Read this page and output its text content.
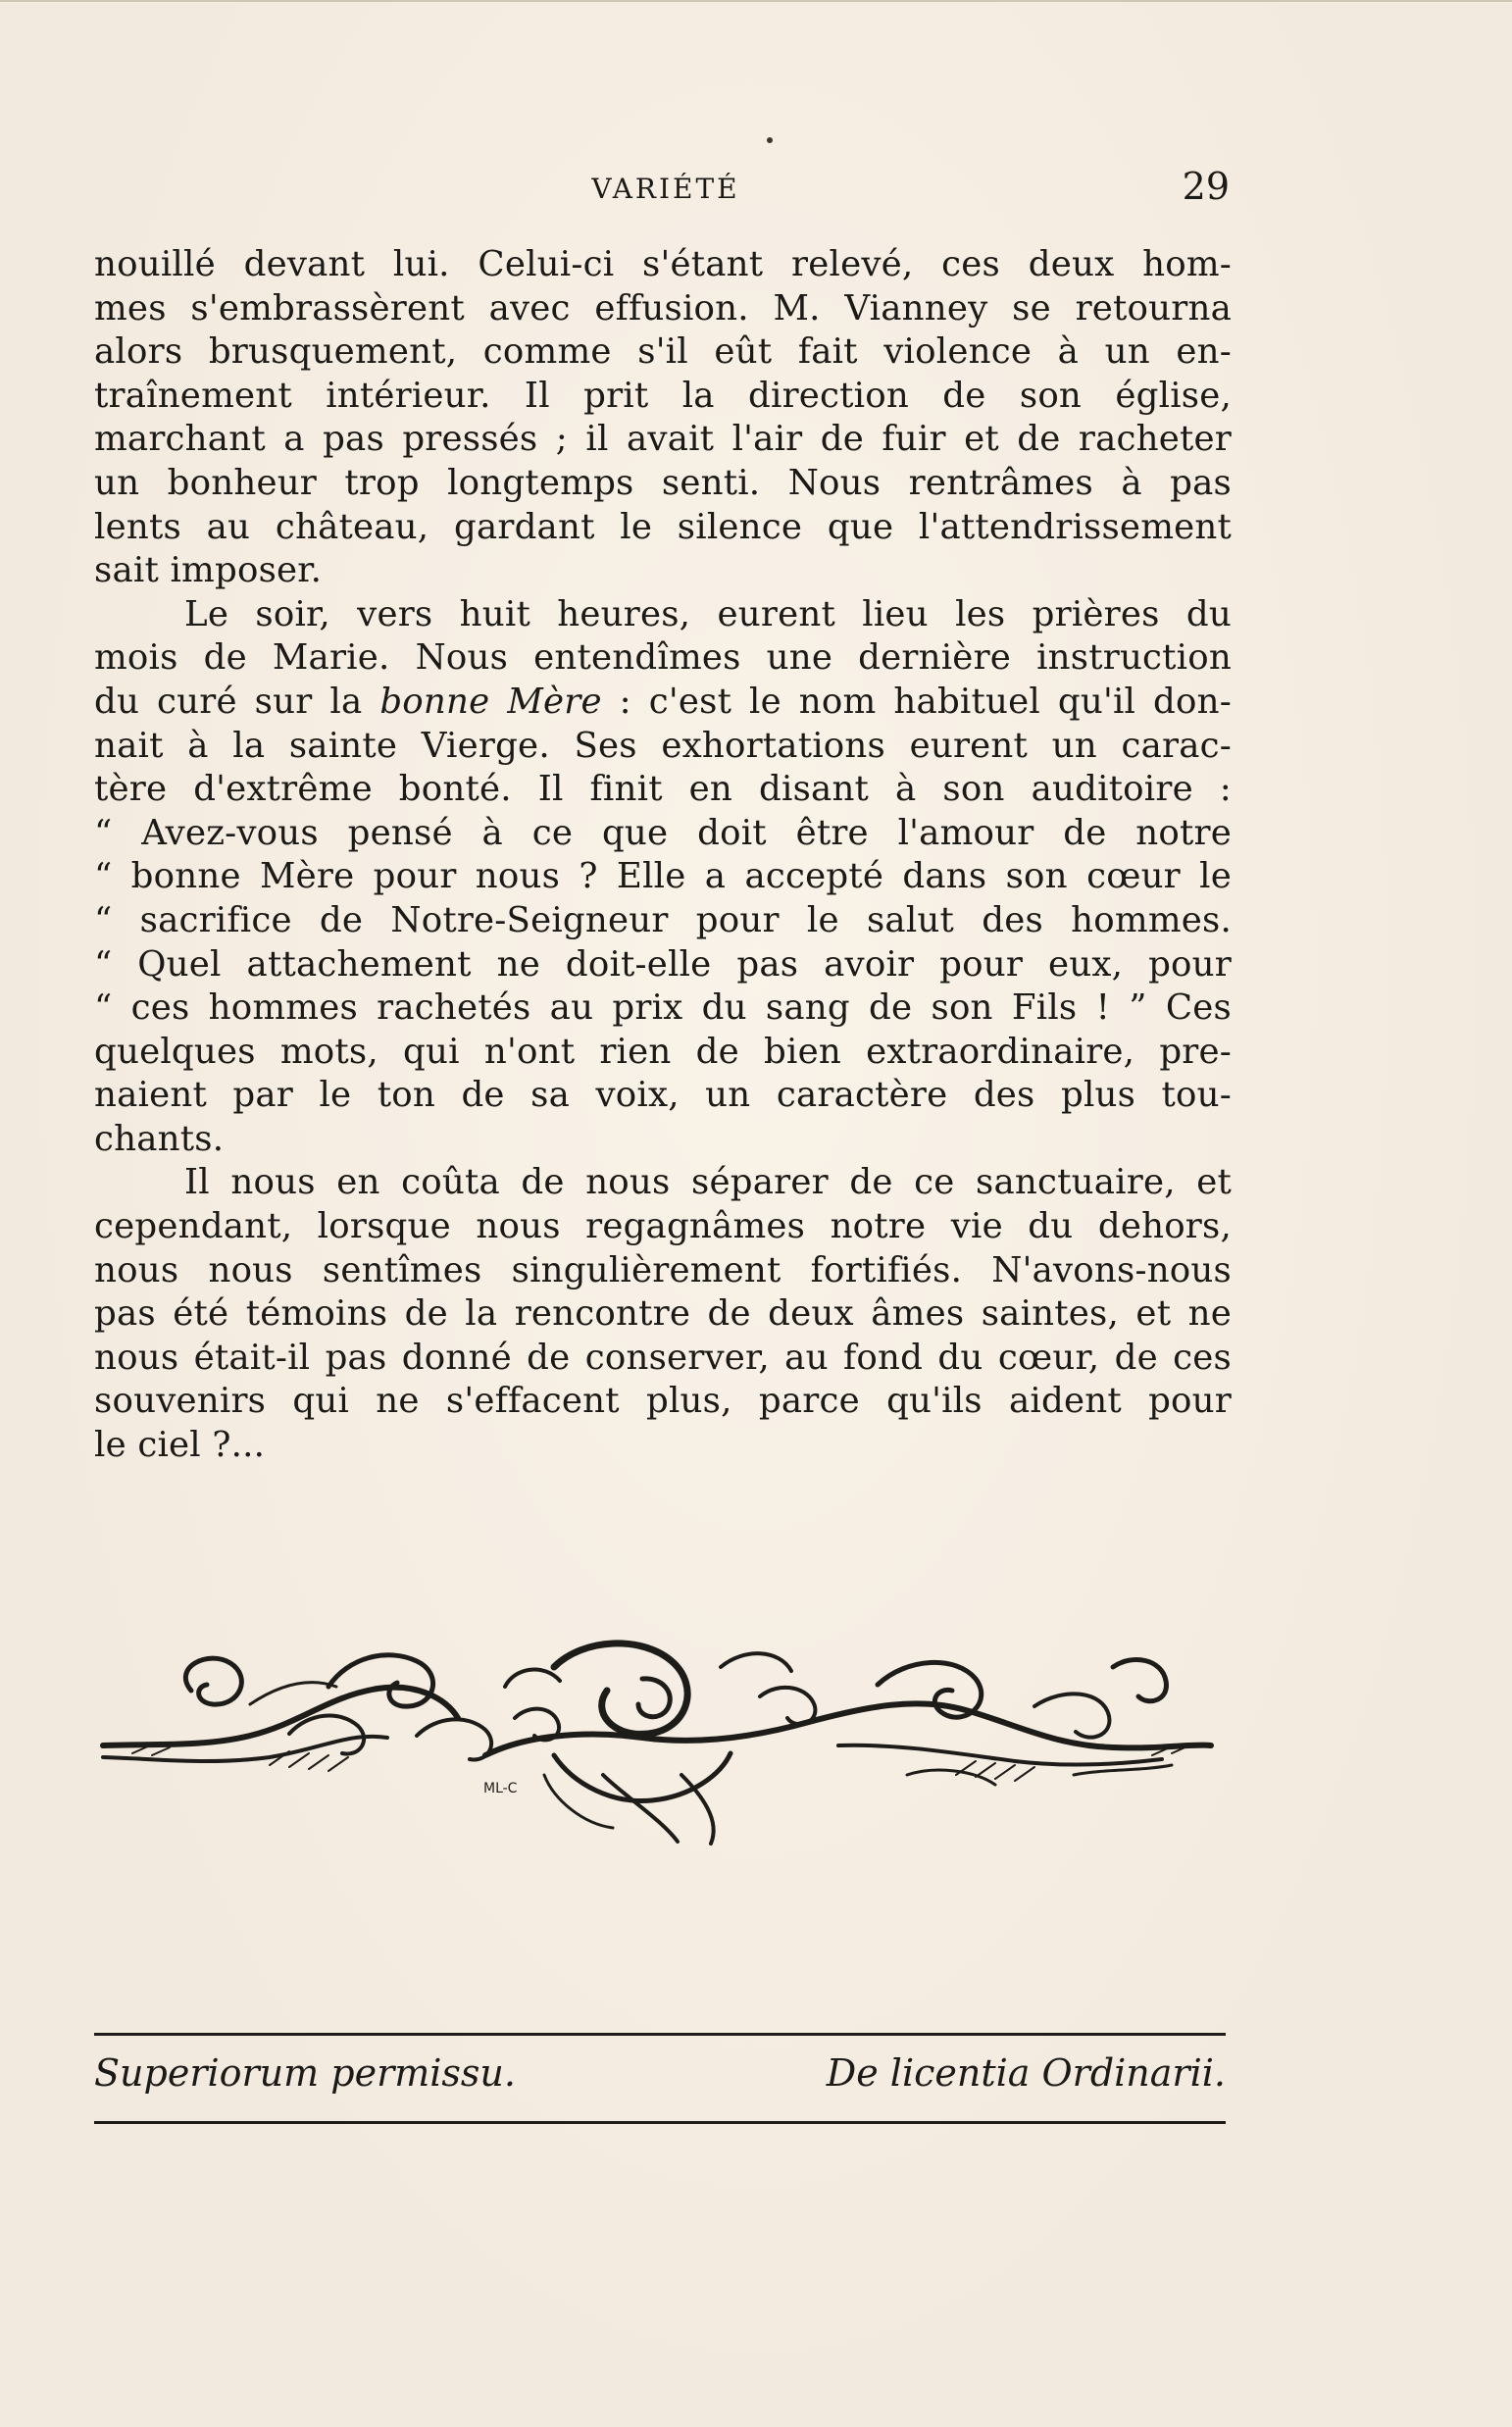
VARIÉTÉ	29
nouillé devant lui. Celui-ci s'étant relevé, ces deux hom-
mes s'embrassèrent avec effusion. M. Vianney se retourna
alors brusquement, comme s'il eût fait violence à un en-
traînement intérieur. Il prit la direction de son église,
marchant a pas pressés ; il avait l'air de fuir et de racheter
un bonheur trop longtemps senti. Nous rentrâmes à pas
lents au château, gardant le silence que l'attendrissement
sait imposer.
Le soir, vers huit heures, eurent lieu les prières du
mois de Marie. Nous entendîmes une dernière instruction
du curé sur la bonne Mère : c'est le nom habituel qu'il don-
nait à la sainte Vierge. Ses exhortations eurent un carac-
tère d'extrême bonté. Il finit en disant à son auditoire :
“ Avez-vous pensé à ce que doit être l'amour de notre
“ bonne Mère pour nous ? Elle a accepté dans son cœur le
“ sacrifice de Notre-Seigneur pour le salut des hommes.
“ Quel attachement ne doit-elle pas avoir pour eux, pour
“ ces hommes rachetés au prix du sang de son Fils ! ” Ces
quelques mots, qui n'ont rien de bien extraordinaire, pre-
naient par le ton de sa voix, un caractère des plus tou-
chants.
Il nous en coûta de nous séparer de ce sanctuaire, et
cependant, lorsque nous regagnâmes notre vie du dehors,
nous nous sentîmes singulièrement fortifiés. N'avons-nous
pas été témoins de la rencontre de deux âmes saintes, et ne
nous était-il pas donné de conserver, au fond du cœur, de ces
souvenirs qui ne s'effacent plus, parce qu'ils aident pour
le ciel ?...
ML-C
Superiorum permissu.	De licentia Ordinarii.
